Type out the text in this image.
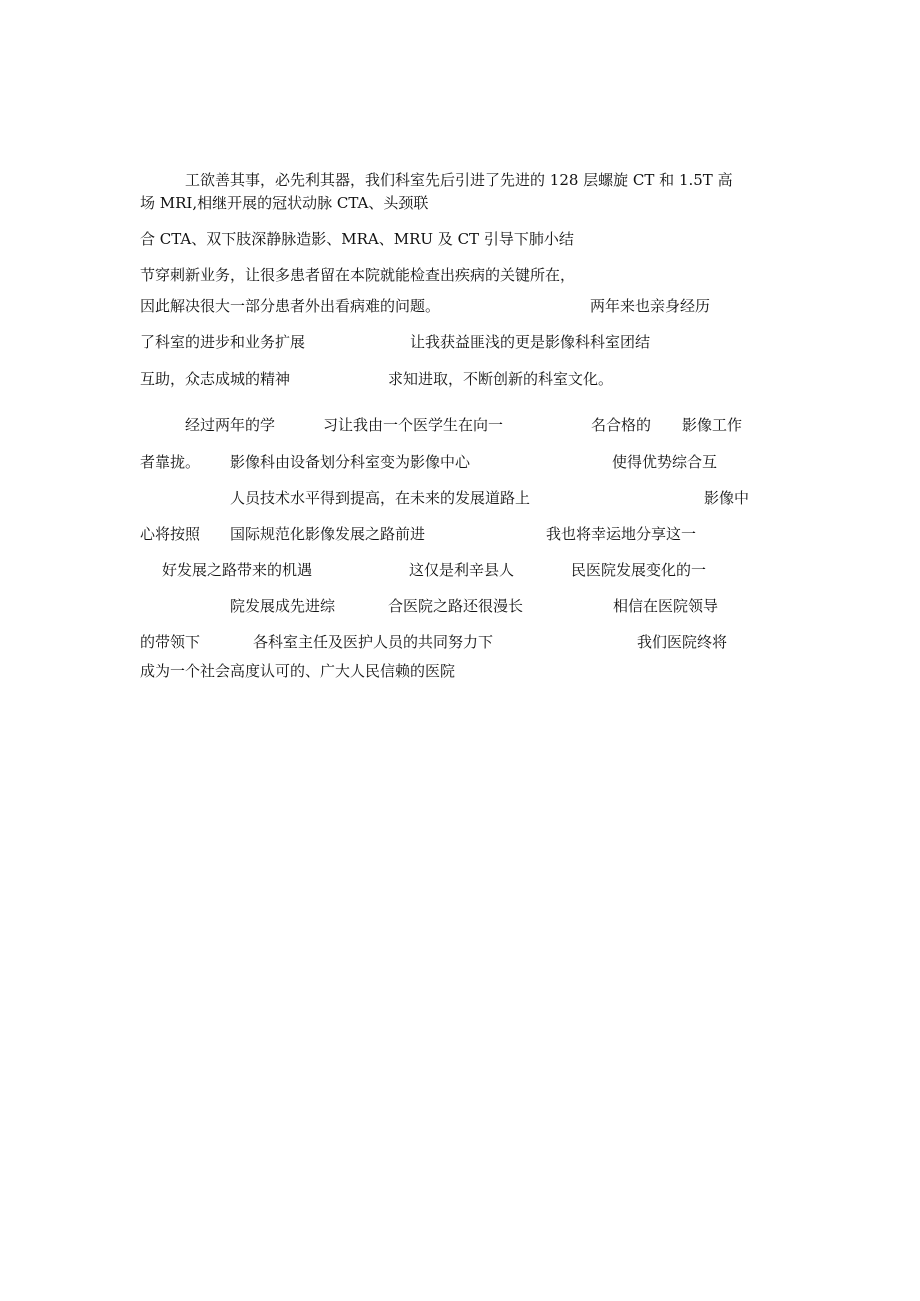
工欲善其事，必先利其器，我们科室先后引进了先进的 128 层螺旋 CT 和 1.5T 高
场 MRI,相继开展的冠状动脉 CTA、头颈联
合 CTA、双下肢深静脉造影、MRA、MRU 及 CT 引导下肺小结
节穿刺新业务，让很多患者留在本院就能检查出疾病的关键所在，
因此解决很大一部分患者外出看病难的问题。	两年来也亲身经历
了科室的进步和业务扩展	让我获益匪浅的更是影像科科室团结
互助，众志成城的精神	求知进取，不断创新的科室文化。
经过两年的学	习让我由一个医学生在向一	名合格的 影像工作
者靠拢。 影像科由设备划分科室变为影像中心	使得优势综合互
人员技术水平得到提高，在未来的发展道路上	影像中
心将按照 国际规范化影像发展之路前进	我也将幸运地分享这一
好发展之路带来的机遇	这仅是利辛县人	民医院发展变化的一
院发展成先进综	合医院之路还很漫长	相信在医院领导
的带领下	各科室主任及医护人员的共同努力下	我们医院终将
成为一个社会高度认可的、广大人民信赖的医院
